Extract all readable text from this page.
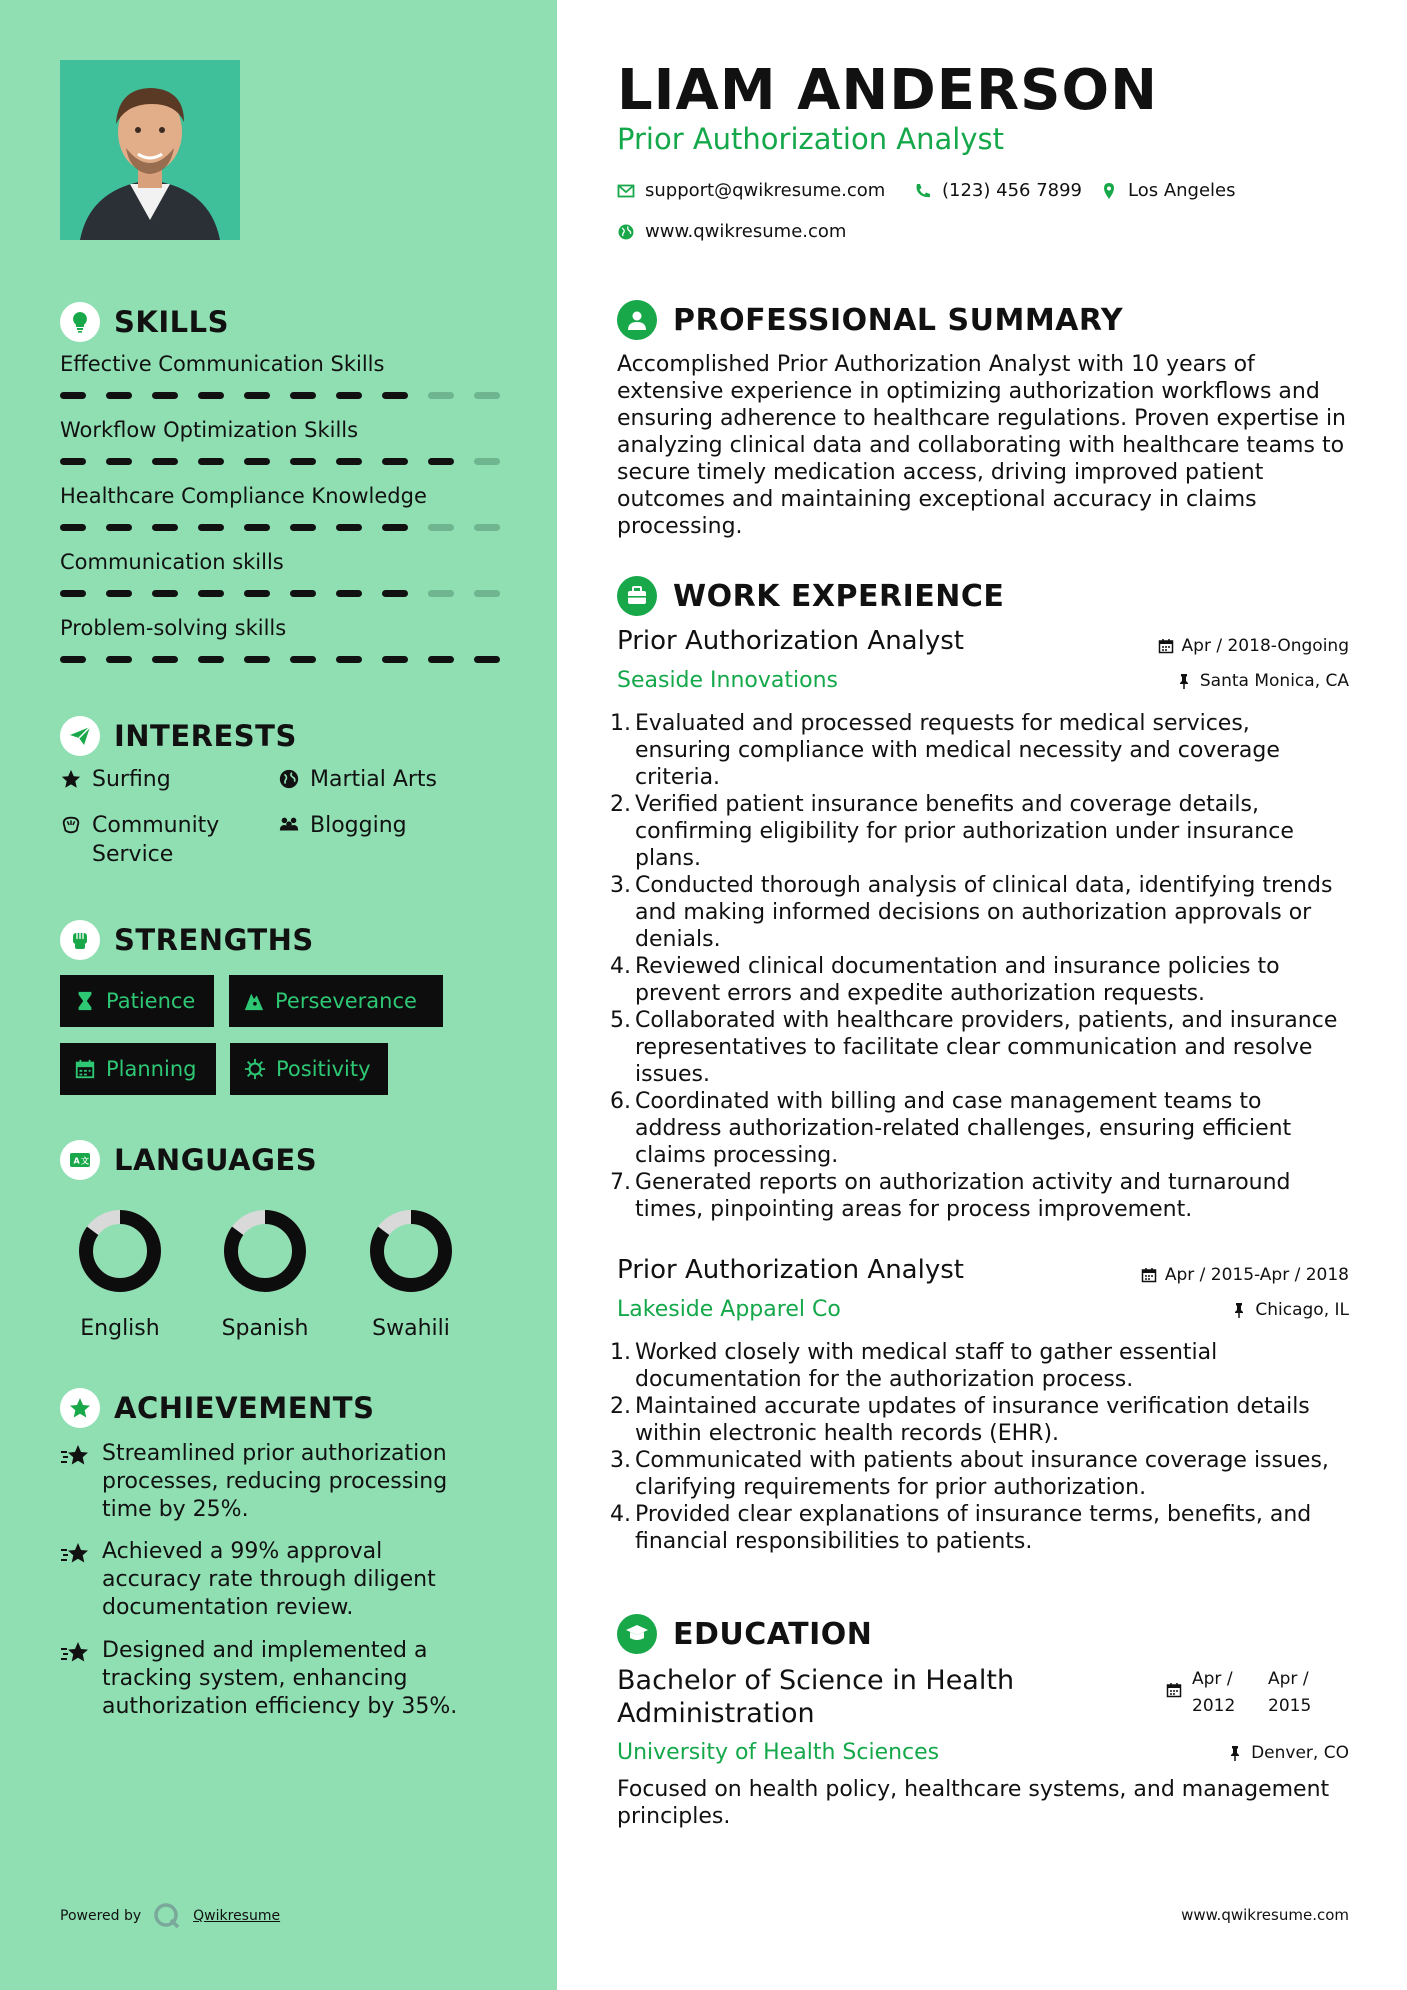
SKILLS
Effective Communication Skills
Workflow Optimization Skills
Healthcare Compliance Knowledge
Communication skills
Problem-solving skills
INTERESTS
Surfing	Martial Arts
Community Service
Blogging
STRENGTHS
Patience	Perseverance
Planning	Positivity
A 文 LANGUAGES
English	Spanish	Swahili
ACHIEVEMENTS
Streamlined prior authorization processes, reducing processing time by 25%.
Achieved a 99% approval accuracy rate through diligent documentation review.
Designed and implemented a tracking system, enhancing authorization efficiency by 35%.
Powered by	Qwikresume
LIAM ANDERSON
Prior Authorization Analyst
support@qwikresume.com	(123) 456 7899	Los Angeles
www.qwikresume.com
PROFESSIONAL SUMMARY
Accomplished Prior Authorization Analyst with 10 years of extensive experience in optimizing authorization workflows and ensuring adherence to healthcare regulations. Proven expertise in analyzing clinical data and collaborating with healthcare teams to secure timely medication access, driving improved patient outcomes and maintaining exceptional accuracy in claims processing.
WORK EXPERIENCE
Prior Authorization Analyst	Apr / 2018-Ongoing
Seaside Innovations	Santa Monica, CA
1. Evaluated and processed requests for medical services, ensuring compliance with medical necessity and coverage criteria.
2. Verified patient insurance benefits and coverage details, confirming eligibility for prior authorization under insurance plans.
3. Conducted thorough analysis of clinical data, identifying trends and making informed decisions on authorization approvals or denials.
4. Reviewed clinical documentation and insurance policies to prevent errors and expedite authorization requests.
5. Collaborated with healthcare providers, patients, and insurance representatives to facilitate clear communication and resolve issues.
6. Coordinated with billing and case management teams to address authorization-related challenges, ensuring efficient claims processing.
7. Generated reports on authorization activity and turnaround times, pinpointing areas for process improvement.
Prior Authorization Analyst	Apr / 2015-Apr / 2018
Lakeside Apparel Co	Chicago, IL
1. Worked closely with medical staff to gather essential documentation for the authorization process.
2. Maintained accurate updates of insurance verification details within electronic health records (EHR).
3. Communicated with patients about insurance coverage issues, clarifying requirements for prior authorization.
4. Provided clear explanations of insurance terms, benefits, and financial responsibilities to patients.
EDUCATION
Bachelor of Science in Health Administration
Apr / 2012
Apr / 2015
University of Health Sciences	Denver, CO
Focused on health policy, healthcare systems, and management principles.
www.qwikresume.com
